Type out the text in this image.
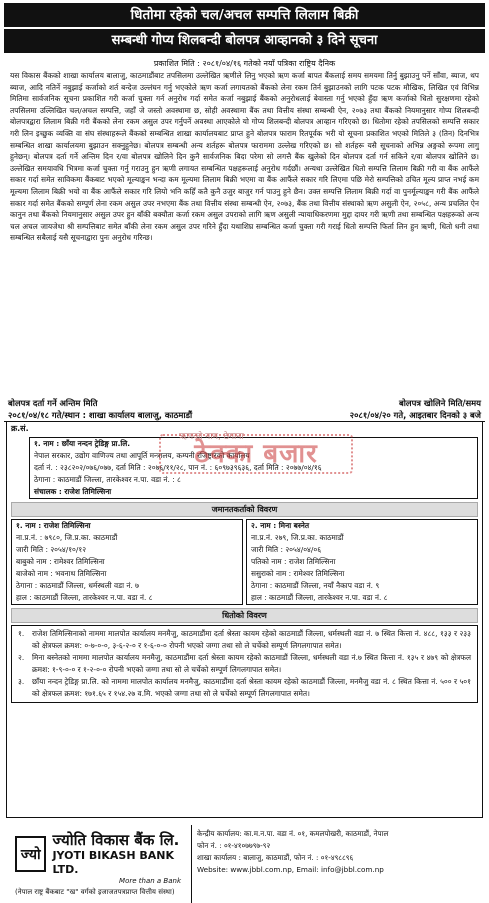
धितोमा रहेको चल/अचल सम्पत्ति लिलाम बिक्री
सम्बन्धी गोप्य शिलबन्दी बोलपत्र आव्हानको ३ दिने सूचना
प्रकाशित मिति : २०८१/०४/१६ गतेको नयाँ पत्रिका राष्ट्रिय दैनिक
यस विकास बैंकको शाखा कार्यालय बालाजु, काठमाडौंबाट तपसिलमा उल्लेखित ऋणीले लिनु भएको ऋण कर्जा बापत बैंकलाई समय समयमा तिर्नु बुझाउनु पर्ने साँवा, ब्याज, थप ब्याज, आदि नतिर्ने नबुझाई कर्जाको शर्त बन्देज उल्लंघन गर्नु भएकोले ऋण कर्जा लगायतको बैंकको लेना रकम तिर्न बुझाउनको लागि पटक पटक मौखिक, लिखित एवं विभिन्न मितिमा सार्वजनिक सूचना प्रकाशित गरी कर्जा चुक्ता गर्न अनुरोध गर्दा समेत कर्जा नबुझाई बैंकको अनुरोधलाई बेवास्ता गर्नु भएको हुँदा ऋण कर्जाको धितो सुरक्षणमा रहेको तपसिलमा उल्लिखित चल/अचल सम्पत्ति, जहाँ जे जस्तो अवस्थामा छ, सोही अवस्थामा बैंक तथा वित्तीय संस्था सम्बन्धी ऐन, २०७३ तथा बैंकको नियमानुसार गोप्य शिलबन्दी बोलपत्रद्वारा लिलाम बिक्री गरी बैंकको लेना रकम असुल उपर गर्नुपर्ने अवस्था आएकोले यो गोप्य शिलबन्दी बोलपत्र आव्हान गरिएको छ। धितोमा रहेको तपसिलको सम्पत्ति सकार गरी लिन इच्छुक व्यक्ति वा संघ संस्थाहरूले बैंकको सम्बन्धित शाखा कार्यालयबाट प्राप्त हुने बोलपत्र फाराम रितपूर्वक भरी यो सूचना प्रकाशित भएको मितिले ३ (तिन) दिनभित्र सम्बन्धित शाखा कार्यालयमा बुझाउन सक्नुहुनेछ। बोलपत्र सम्बन्धी अन्य शर्तहरू बोलपत्र फाराममा उल्लेख गरिएको छ। सो शर्तहरू यसै सूचनाको अभिन्न अङ्गको रूपमा लागु हुनेछन्। बोलपत्र दर्ता गर्ने अन्तिम दिन र/वा बोलपत्र खोलिने दिन कुनै सार्वजनिक बिदा परेमा सो लगत्तै बैंक खुलेको दिन बोलपत्र दर्ता गर्न सकिने र/वा बोलपत्र खोलिने छ। उल्लेखित समयावधि भित्रमा कर्जा चुक्ता गर्नु गराउनु हुन ऋणी लगायत सम्बन्धित पक्षहरूलाई अनुरोध गर्दछौं। अन्यथा उल्लेखित धितो सम्पत्ति लिलाम बिक्री गरी वा बैंक आफैंले सकार गर्दा समेत साविकमा बैंकबाट भएको मूल्याङ्कन भन्दा कम मूल्यमा लिलाम बिक्री भएमा वा बैंक आफैंले सकार गरि लिएमा पछि मेरो सम्पत्तिको उचित मूल्य प्राप्त नभई कम मूल्यमा लिलाम बिक्री भयो वा बैंक आफैंले सकार गरि लियो भनि कहिँ कतै कुनै उजुर बाजुर गर्न पाउनु हुने छैन। उक्त सम्पत्ति लिलाम बिक्री गर्दा वा पुनर्मूल्याङ्कन गरी बैंक आफैंले सकार गर्दा समेत बैंकको सम्पूर्ण लेना रकम असुल उपर नभएमा बैंक तथा वित्तीय संस्था सम्बन्धी ऐन, २०७३, बैंक तथा वित्तीय संस्थाको ऋण असुली ऐन, २०५८, अन्य प्रचलित ऐन कानुन तथा बैंकको नियमानुसार असुल उपर हुन बाँकी बक्यौता कर्जा रकम असुल उपराको लागि ऋण असुली न्यायाधिकरणमा मुद्दा दायर गरी ऋणी तथा सम्बन्धित पक्षहरूको अन्य चल अचल जायजेथा श्री सम्पत्तिबाट समेत बाँकी लेना रकम असुल उपर गरिने हुँदा यथाशिघ्र सम्बन्धित कर्जा चुक्ता गरी गराई धितो सम्पत्ति फिर्ता लिन हुन ऋणी, धितो धनी तथा सम्बन्धित सबैलाई यसै सूचनाद्वारा पुनः अनुरोध गरिन्छ।
बोलपत्र दर्ता गर्ने अन्तिम मिति	बोलपत्र खोलिने मिति/समय
२०८१/०४/१८ गते/स्थान : शाखा कार्यालय बालाजु, काठमाडौं	२०८१/०४/२० गते, आइतबार दिनको ३ बजे
क्र.सं.
ऋणको नाम, ठेगाना
ठेक्का बजार
१. नाम : छाँया नन्दन ट्रेडिङ्ग प्रा.लि.
नेपाल सरकार, उद्योग वाणिज्य तथा आपूर्ति मन्त्रालय, कम्पनी रजिष्ट्रारको कार्यालय
दर्ता नं. : २३८२०२/०७६/०७७, दर्ता मिति : २०७६/११/२८, पान नं. : ६०९७३९६३६, दर्ता मिति : २०७७/०४/१६
ठेगाना : काठमाडौं जिल्ला, तारकेश्वर न.पा. वडा नं. : ८
संचालक : राजेश तिमिल्सिना
जमानतकर्ताको विवरण
१. नाम : राजेश तिमिल्सिना
ना.प्र.नं. : ७९८०, जि.प्र.का. काठमाडौं
जारी मिति : २०५४/१०/१२
बाबुको नाम : रामेश्वर तिमिल्सिना
बाजेको नाम : भवनाथ तिमिल्सिना
ठेगाना : काठमाडौं जिल्ला, धर्मस्थली वडा नं. ७
हाल : काठमाडौं जिल्ला, तारकेश्वर न.पा. वडा नं. ८
२. नाम : मिना बस्नेत
ना.प्र.नं. २७९, जि.प्र.का. काठमाडौं
जारी मिति : २०५४/०४/०६
पतिको नाम : राजेश तिमिल्सिना
ससुराको नाम : रामेश्वर तिमिल्सिना
ठेगाना : काठमाडौं जिल्ला, नयाँ नैकाप वडा नं. ९
हाल : काठमाडौं जिल्ला, तारकेश्वर न.पा. वडा नं. ८
धितोको विवरण
१.	राजेश तिमिल्सिनाको नाममा मालपोत कार्यालय मनमैजु, काठमाडौंमा दर्ता श्रेस्ता कायम रहेको काठमाडौं जिल्ला, धर्मस्थली वडा नं. ७ स्थित कित्ता नं. ४८८, १३३ र २३३ को क्षेत्रफल क्रमश: ०-७-०-०, ३-६-२-० र १-६-०-० रोपनी भएको जग्गा तथा सो ले चर्चेको सम्पूर्ण लिगलगापात समेत।
२.	मिना बस्नेतको नाममा मालपोत कार्यालय मनमैजु, काठमाडौंमा दर्ता श्रेस्ता कायम रहेको काठमाडौं जिल्ला, धर्मस्थली वडा नं.७ स्थित कित्ता नं. १३५ र ४७९ को क्षेत्रफल क्रमश: १-९-०-० र १-२-०-० रोपनी भएको जग्गा तथा सो ले चर्चेको सम्पूर्ण लिगलगापात समेत।
३.	छाँया नन्दन ट्रेडिङ्ग प्रा.लि. को नाममा मालपोत कार्यालय मनमैजु, काठमाडौंमा दर्ता श्रेस्ता कायम रहेको काठमाडौं जिल्ला, मनमैजु वडा नं. ८ स्थित कित्ता नं. ५०० र ५०१ को क्षेत्रफल क्रमश: १७१.६५ र १५४.२७ व.मि. भएको जग्गा तथा सो ले चर्चेको सम्पूर्ण लिगलगापात समेत।
ज्यो
ज्योति विकास बैंक लि.
JYOTI BIKASH BANK LTD.
More than a Bank
(नेपाल राष्ट्र बैंकबाट "ख" वर्गको इजाजतपत्रप्राप्त वित्तीय संस्था)
केन्द्रीय कार्यालय: का.म.न.पा. वडा नं. ०१, कमलपोखरी, काठमाडौं, नेपाल
फोन नं. : ०१-४१०७७९७-९२
शाखा कार्यालय : बालाजु, काठमाडौं, फोन नं. : ०१-४९८८९६
Website: www.jbbl.com.np, Email: info@jbbl.com.np
